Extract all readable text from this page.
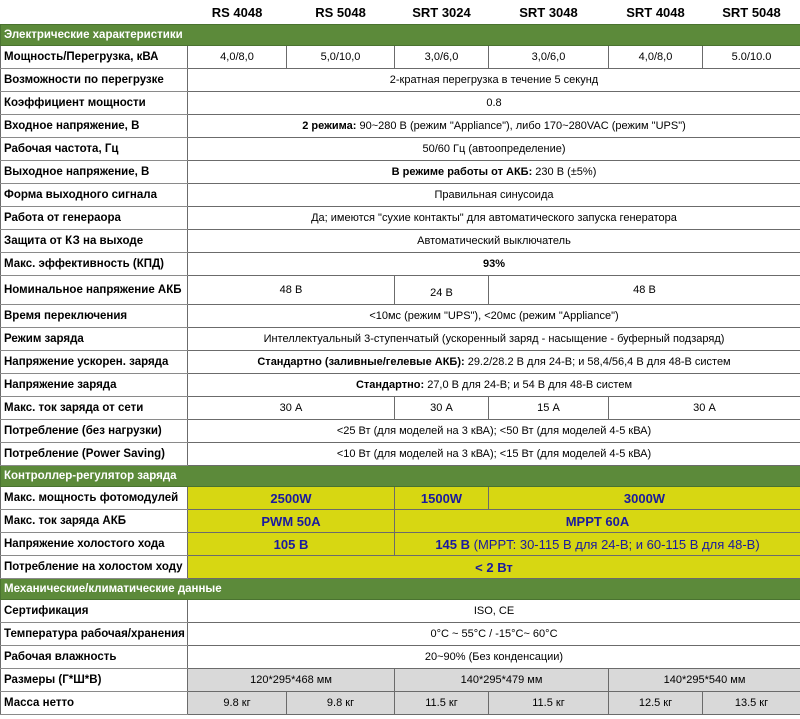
	RS 4048	RS 5048	SRT 3024	SRT 3048	SRT 4048	SRT 5048
Электрические характеристики						
Мощность/Перегрузка, кВА	4,0/8,0	5,0/10,0	3,0/6,0	3,0/6,0	4,0/8,0	5.0/10.0
Возможности по перегрузке	2-кратная перегрузка в течение 5 секунд					
Коэффициент мощности	0.8					
Входное напряжение, В	2 режима: 90~280 В (режим "Appliance"), либо 170~280VAC (режим "UPS")					
Рабочая частота, Гц	50/60 Гц (автоопределение)					
Выходное напряжение, В	В режиме работы от АКБ: 230 В (±5%)					
Форма выходного сигнала	Правильная синусоида					
Работа от генераора	Да; имеются "сухие контакты" для автоматического запуска генератора					
Защита от КЗ на выходе	Автоматический выключатель					
Макс. эффективность (КПД)	93%					
Номинальное напряжение АКБ	48 В		24 В	48 В		
Время переключения	<10мс (режим "UPS"), <20мс (режим "Appliance")					
Режим заряда	Интеллектуальный 3-ступенчатый (ускоренный заряд - насыщение - буферный подзаряд)					
Напряжение ускорен. заряда	Стандартно (заливные/гелевые АКБ): 29.2/28.2 В для 24-В; и 58,4/56,4 В для 48-В систем					
Напряжение заряда	Стандартно: 27,0 В для 24-В; и 54 В для 48-В систем					
Макс. ток заряда от сети	30 А		30 А	15 А	30 А	
Потребление (без нагрузки)	<25 Вт (для моделей на 3 кВА); <50 Вт (для моделей 4-5 кВА)					
Потребление (Power Saving)	<10 Вт (для моделей на 3 кВА); <15 Вт (для моделей 4-5 кВА)					
Контроллер-регулятор заряда						
Макс. мощность фотомодулей	2500W		1500W	3000W		
Макс. ток заряда АКБ	PWM 50A		MPPT 60A			
Напряжение холостого хода	105 В		145 В (MPPT: 30-115 В для 24-В; и 60-115 В для 48-В)			
Потребление на холостом ходу	< 2 Вт					
Механические/климатические данные						
Сертификация	ISO, CE					
Температура рабочая/хранения	0°C ~ 55°C / -15°C~ 60°C					
Рабочая влажность	20~90% (Без конденсации)					
Размеры (Г*Ш*В)	120*295*468 мм		140*295*479 мм		140*295*540 мм	
Масса нетто	9.8 кг	9.8 кг	11.5 кг	11.5 кг	12.5 кг	13.5 кг
